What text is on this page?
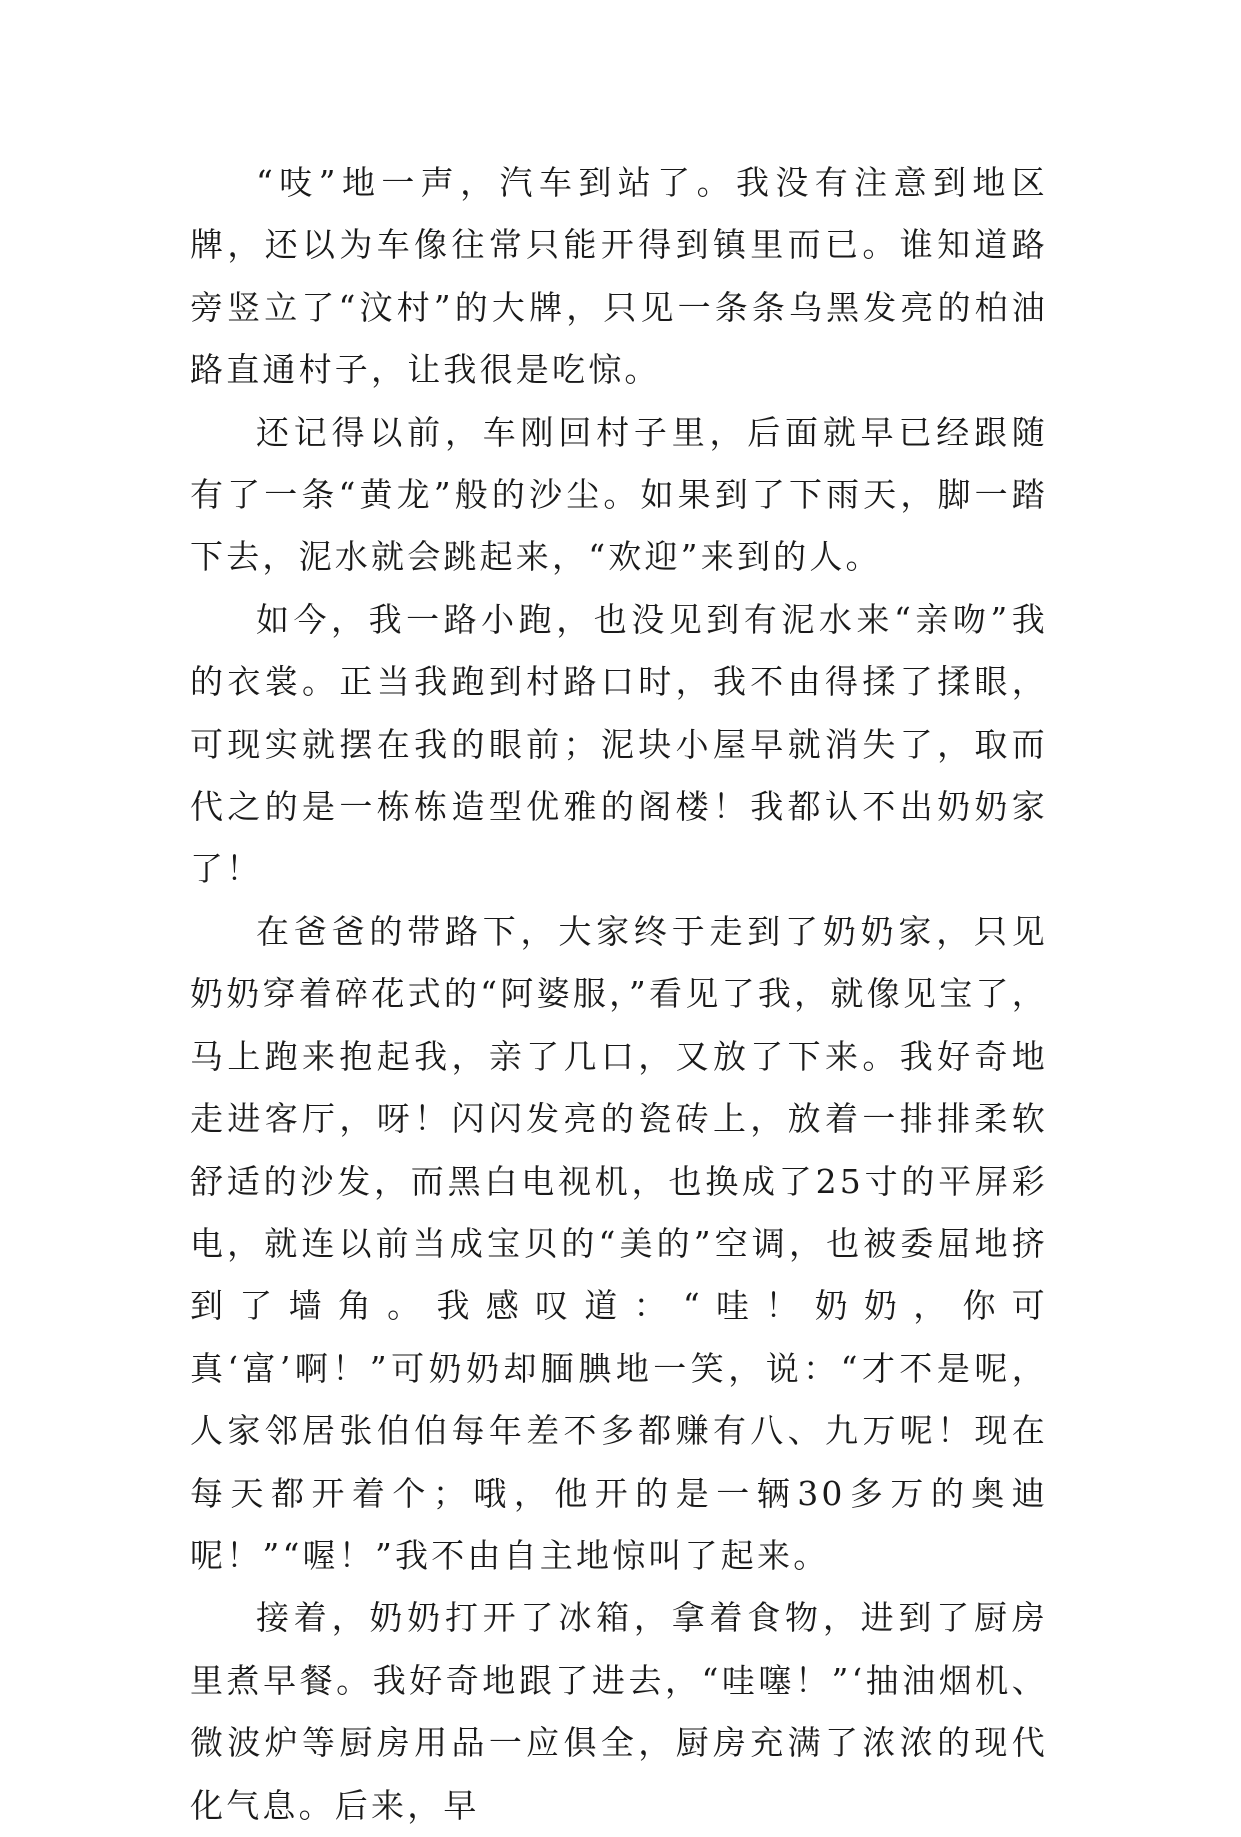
“吱”地一声，汽车到站了。我没有注意到地区牌，还以为车像往常只能开得到镇里而已。谁知道路旁竖立了“汶村”的大牌，只见一条条乌黑发亮的柏油路直通村子，让我很是吃惊。

还记得以前，车刚回村子里，后面就早已经跟随有了一条“黄龙”般的沙尘。如果到了下雨天，脚一踏下去，泥水就会跳起来，“欢迎”来到的人。

如今，我一路小跑，也没见到有泥水来“亲吻”我的衣裳。正当我跑到村路口时，我不由得揉了揉眼，可现实就摆在我的眼前；泥块小屋早就消失了，取而代之的是一栋栋造型优雅的阁楼！我都认不出奶奶家了！

在爸爸的带路下，大家终于走到了奶奶家，只见奶奶穿着碎花式的“阿婆服，”看见了我，就像见宝了，马上跑来抱起我，亲了几口，又放了下来。我好奇地走进客厅，呀！闪闪发亮的瓷砖上，放着一排排柔软舒适的沙发，而黑白电视机，也换成了25寸的平屏彩电，就连以前当成宝贝的“美的”空调，也被委屈地挤到了墙角。我感叹道：“哇！奶奶，你可真‘富’啊！”可奶奶却腼腆地一笑，说：“才不是呢，人家邻居张伯伯每年差不多都赚有八、九万呢！现在每天都开着个；哦，他开的是一辆30多万的奥迪呢！”“喔！”我不由自主地惊叫了起来。

接着，奶奶打开了冰箱，拿着食物，进到了厨房里煮早餐。我好奇地跟了进去，“哇噻！”‘抽油烟机、微波炉等厨房用品一应俱全，厨房充满了浓浓的现代化气息。后来，早
